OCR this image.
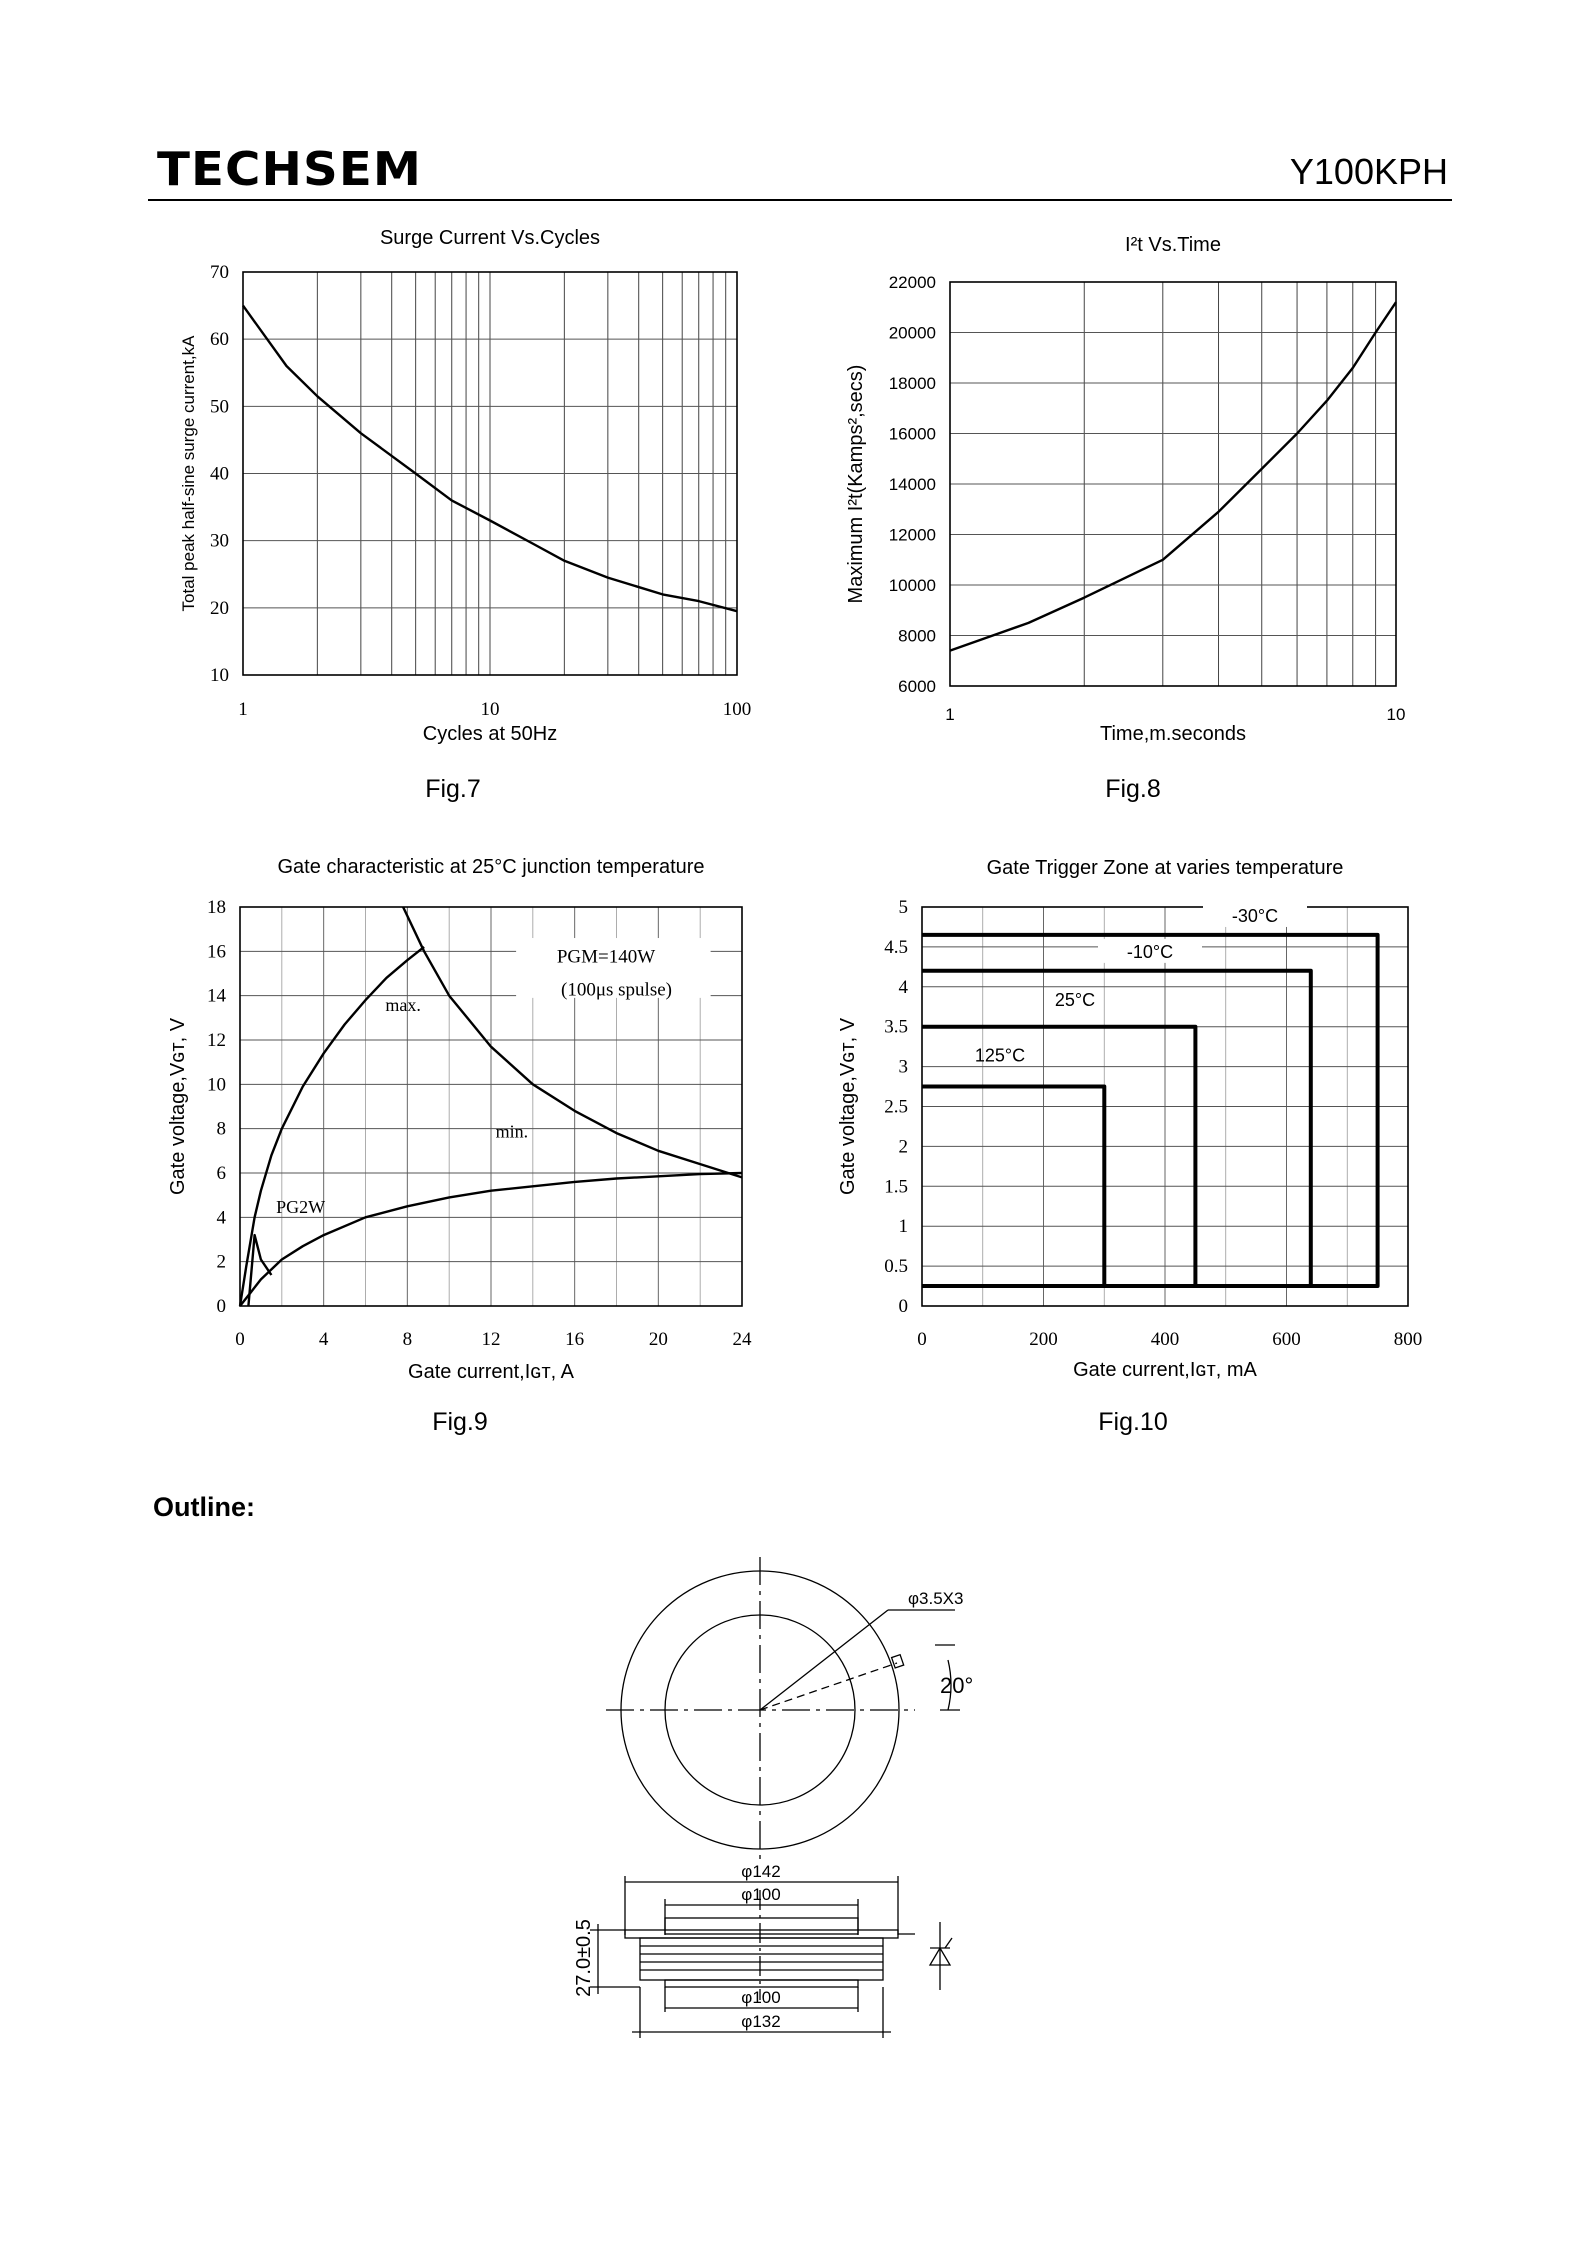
TECHSEM	Y100KPH
1	10	100
10
20
30
40
50
60
70
Surge Current Vs.Cycles
Cycles at 50Hz
Total peak half-sine surge current,kA
1	10
6000
8000
10000
12000
14000
16000
18000
20000
22000
I²t Vs.Time
Time,m.seconds
Maximum I²t(Kamps²,secs)
0	4	8	12	16	20	24
0
2
4
6
8
10
12
14
16
18
Gate characteristic at 25°C junction temperature
Gate current,Iɢᴛ, A
Gate voltage,Vɢᴛ, V
0	200	400	600	800
0
0.5
1
1.5
2
2.5
3
3.5
4
4.5
5
Gate Trigger Zone at varies temperature
Gate current,Iɢᴛ, mA
Gate voltage,Vɢᴛ, V
-30°C
-10°C
25°C
125°C
PGM=140W
(100μs spulse)
max.
min.
PG2W
Fig.7	Fig.8
Fig.9	Fig.10
Outline:
φ3.5X3
20°
φ142
φ100
φ100
φ132
27.0±0.5
